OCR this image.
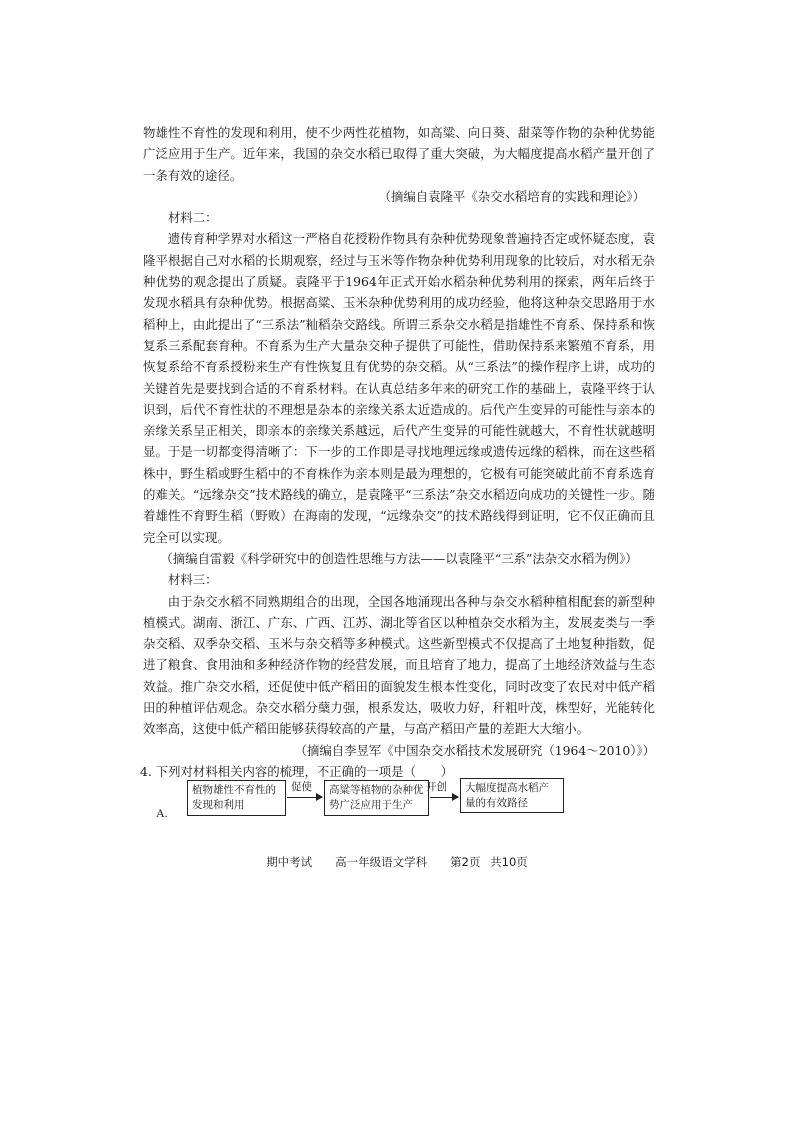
物雄性不育性的发现和利用，使不少两性花植物，如高粱、向日葵、甜菜等作物的杂种优势能广泛应用于生产。近年来，我国的杂交水稻已取得了重大突破，为大幅度提高水稻产量开创了一条有效的途径。

（摘编自袁隆平《杂交水稻培育的实践和理论》）

材料二：

遗传育种学界对水稻这一严格自花授粉作物具有杂种优势现象普遍持否定或怀疑态度，袁隆平根据自己对水稻的长期观察，经过与玉米等作物杂种优势利用现象的比较后，对水稻无杂种优势的观念提出了质疑。袁隆平于1964年正式开始水稻杂种优势利用的探索，两年后终于发现水稻具有杂种优势。根据高粱、玉米杂种优势利用的成功经验，他将这种杂交思路用于水稻种上，由此提出了“三系法”籼稻杂交路线。所谓三系杂交水稻是指雄性不育系、保持系和恢复系三系配套育种。不育系为生产大量杂交种子提供了可能性，借助保持系来繁殖不育系，用恢复系给不育系授粉来生产有性恢复且有优势的杂交稻。从“三系法”的操作程序上讲，成功的关键首先是要找到合适的不育系材料。在认真总结多年来的研究工作的基础上，袁隆平终于认识到，后代不育性状的不理想是杂本的亲缘关系太近造成的。后代产生变异的可能性与亲本的亲缘关系呈正相关，即亲本的亲缘关系越远，后代产生变异的可能性就越大，不育性状就越明显。于是一切都变得清晰了：下一步的工作即是寻找地理远缘或遗传远缘的稻株，而在这些稻株中，野生稻或野生稻中的不育株作为亲本则是最为理想的，它极有可能突破此前不育系选育的难关。“远缘杂交”技术路线的确立，是袁隆平“三系法”杂交水稻迈向成功的关键性一步。随着雄性不育野生稻（野败）在海南的发现，“远缘杂交”的技术路线得到证明，它不仅正确而且完全可以实现。

（摘编自雷毅《科学研究中的创造性思维与方法——以袁隆平“三系”法杂交水稻为例》）

材料三：

由于杂交水稻不同熟期组合的出现，全国各地涌现出各种与杂交水稻种植相配套的新型种植模式。湖南、浙江、广东、广西、江苏、湖北等省区以种植杂交水稻为主，发展麦类与一季杂交稻、双季杂交稻、玉米与杂交稻等多种模式。这些新型模式不仅提高了土地复种指数，促进了粮食、食用油和多种经济作物的经营发展，而且培育了地力，提高了土地经济效益与生态效益。推广杂交水稻，还促使中低产稻田的面貌发生根本性变化，同时改变了农民对中低产稻田的种植评估观念。杂交水稻分蘖力强，根系发达，吸收力好，秆粗叶茂，株型好，光能转化效率高，这使中低产稻田能够获得较高的产量，与高产稻田产量的差距大大缩小。

（摘编自李昱军《中国杂交水稻技术发展研究（1964～2010）》）

4. 下列对材料相关内容的梳理，不正确的一项是（　　）

植物雄性不育性的发现和利用
促使	高粱等植物的杂种优势广泛应用于生产
开创	大幅度提高水稻产量的有效路径
A.
期中考试　　高一年级语文学科　　第2页 共10页
